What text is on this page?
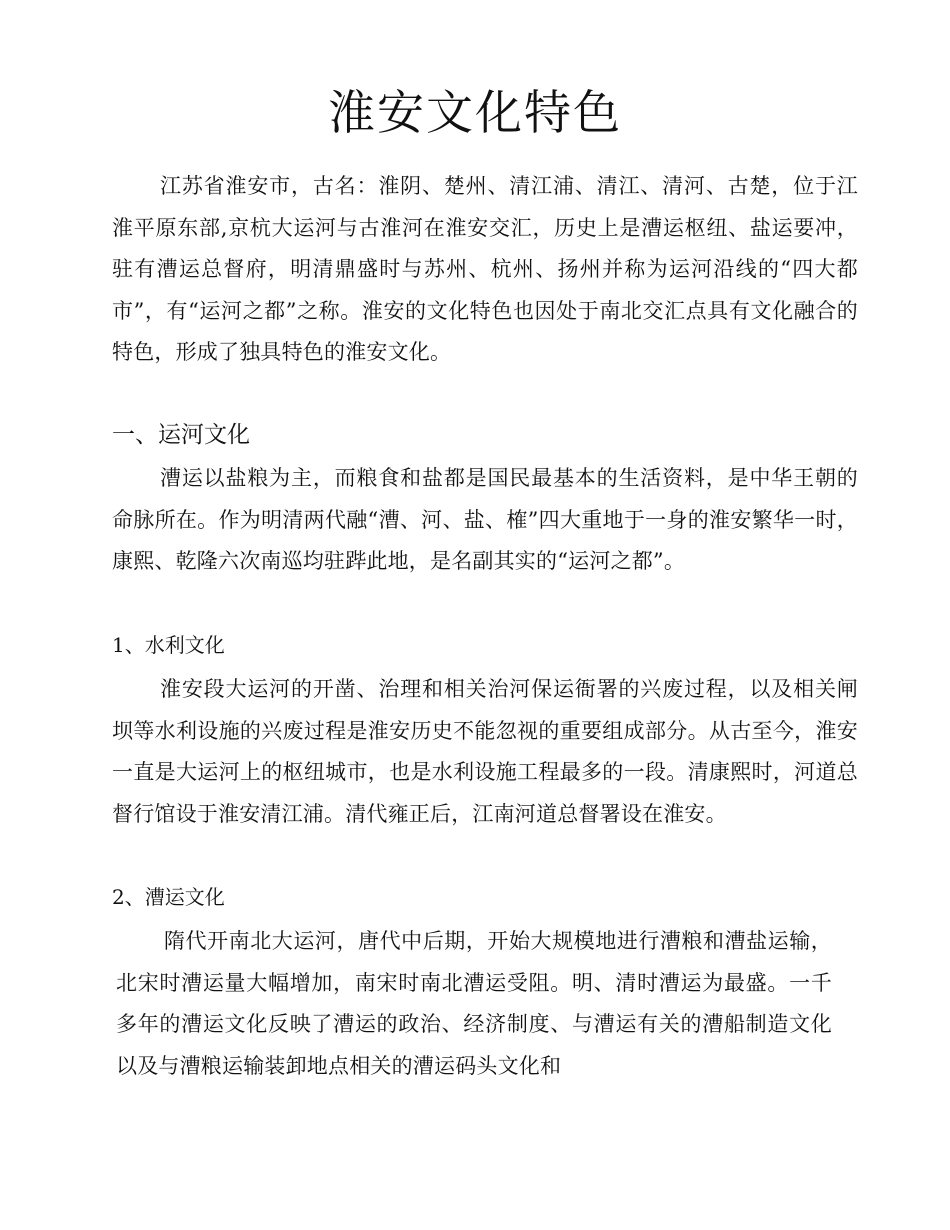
淮安文化特色

江苏省淮安市，古名：淮阴、楚州、清江浦、清江、清河、古楚，位于江淮平原东部,京杭大运河与古淮河在淮安交汇，历史上是漕运枢纽、盐运要冲，驻有漕运总督府，明清鼎盛时与苏州、杭州、扬州并称为运河沿线的“四大都市”，有“运河之都”之称。淮安的文化特色也因处于南北交汇点具有文化融合的特色，形成了独具特色的淮安文化。

一、运河文化

漕运以盐粮为主，而粮食和盐都是国民最基本的生活资料，是中华王朝的命脉所在。作为明清两代融“漕、河、盐、榷”四大重地于一身的淮安繁华一时，康熙、乾隆六次南巡均驻跸此地，是名副其实的“运河之都”。

1、水利文化

淮安段大运河的开凿、治理和相关治河保运衙署的兴废过程，以及相关闸坝等水利设施的兴废过程是淮安历史不能忽视的重要组成部分。从古至今，淮安一直是大运河上的枢纽城市，也是水利设施工程最多的一段。清康熙时，河道总督行馆设于淮安清江浦。清代雍正后，江南河道总督署设在淮安。

2、漕运文化

隋代开南北大运河，唐代中后期，开始大规模地进行漕粮和漕盐运输，北宋时漕运量大幅增加，南宋时南北漕运受阻。明、清时漕运为最盛。一千多年的漕运文化反映了漕运的政治、经济制度、与漕运有关的漕船制造文化以及与漕粮运输装卸地点相关的漕运码头文化和
